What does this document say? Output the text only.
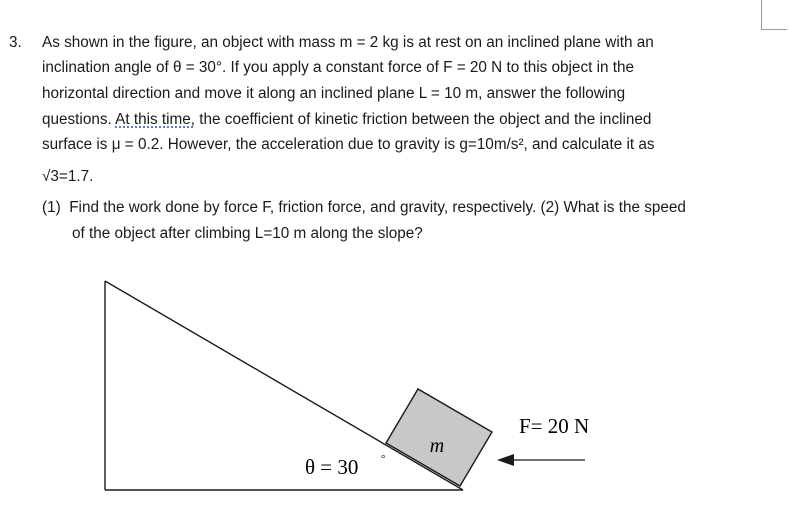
3. As shown in the figure, an object with mass m = 2 kg is at rest on an inclined plane with an
inclination angle of θ = 30°. If you apply a constant force of F = 20 N to this object in the
horizontal direction and move it along an inclined plane L = 10 m, answer the following
questions. At this time, the coefficient of kinetic friction between the object and the inclined
surface is μ = 0.2. However, the acceleration due to gravity is g=10m/s², and calculate it as
√3=1.7.
(1) Find the work done by force F, friction force, and gravity, respectively. (2) What is the speed
of the object after climbing L=10 m along the slope?
m
F= 20 N
θ = 30 °
